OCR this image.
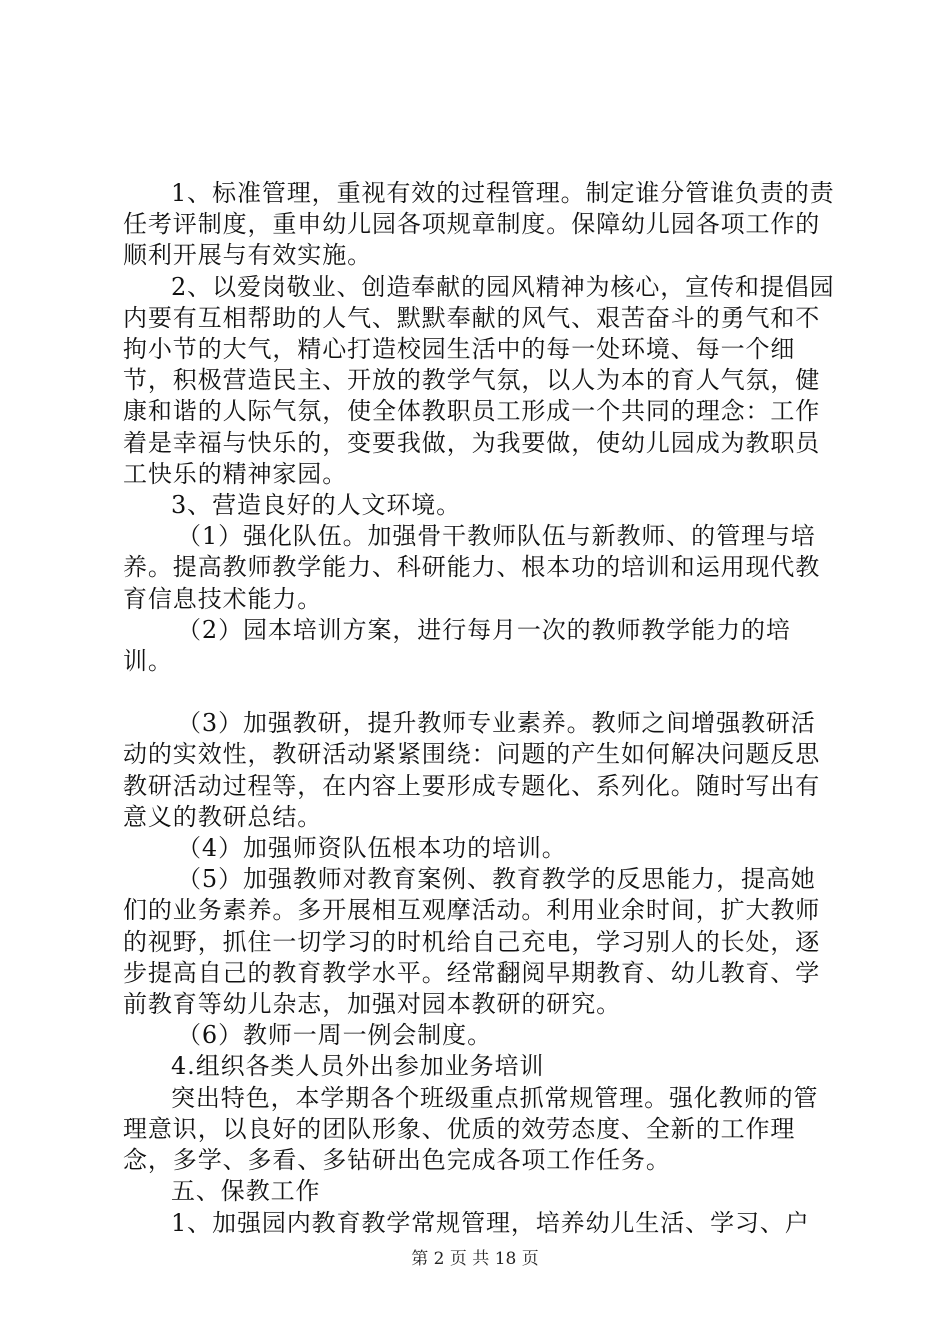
1、标准管理，重视有效的过程管理。制定谁分管谁负责的责任考评制度，重申幼儿园各项规章制度。保障幼儿园各项工作的顺利开展与有效实施。

2、以爱岗敬业、创造奉献的园风精神为核心，宣传和提倡园内要有互相帮助的人气、默默奉献的风气、艰苦奋斗的勇气和不拘小节的大气，精心打造校园生活中的每一处环境、每一个细节，积极营造民主、开放的教学气氛，以人为本的育人气氛，健康和谐的人际气氛，使全体教职员工形成一个共同的理念：工作着是幸福与快乐的，变要我做，为我要做，使幼儿园成为教职员工快乐的精神家园。

3、营造良好的人文环境。

（1）强化队伍。加强骨干教师队伍与新教师、的管理与培养。提高教师教学能力、科研能力、根本功的培训和运用现代教育信息技术能力。

（2）园本培训方案，进行每月一次的教师教学能力的培训。

（3）加强教研，提升教师专业素养。教师之间增强教研活动的实效性，教研活动紧紧围绕：问题的产生如何解决问题反思教研活动过程等，在内容上要形成专题化、系列化。随时写出有意义的教研总结。

（4）加强师资队伍根本功的培训。

（5）加强教师对教育案例、教育教学的反思能力，提高她们的业务素养。多开展相互观摩活动。利用业余时间，扩大教师的视野，抓住一切学习的时机给自己充电，学习别人的长处，逐步提高自己的教育教学水平。经常翻阅早期教育、幼儿教育、学前教育等幼儿杂志，加强对园本教研的研究。

（6）教师一周一例会制度。

4.组织各类人员外出参加业务培训

突出特色，本学期各个班级重点抓常规管理。强化教师的管理意识，以良好的团队形象、优质的效劳态度、全新的工作理念，多学、多看、多钻研出色完成各项工作任务。

五、保教工作

1、加强园内教育教学常规管理，培养幼儿生活、学习、户

第 2 页 共 18 页
